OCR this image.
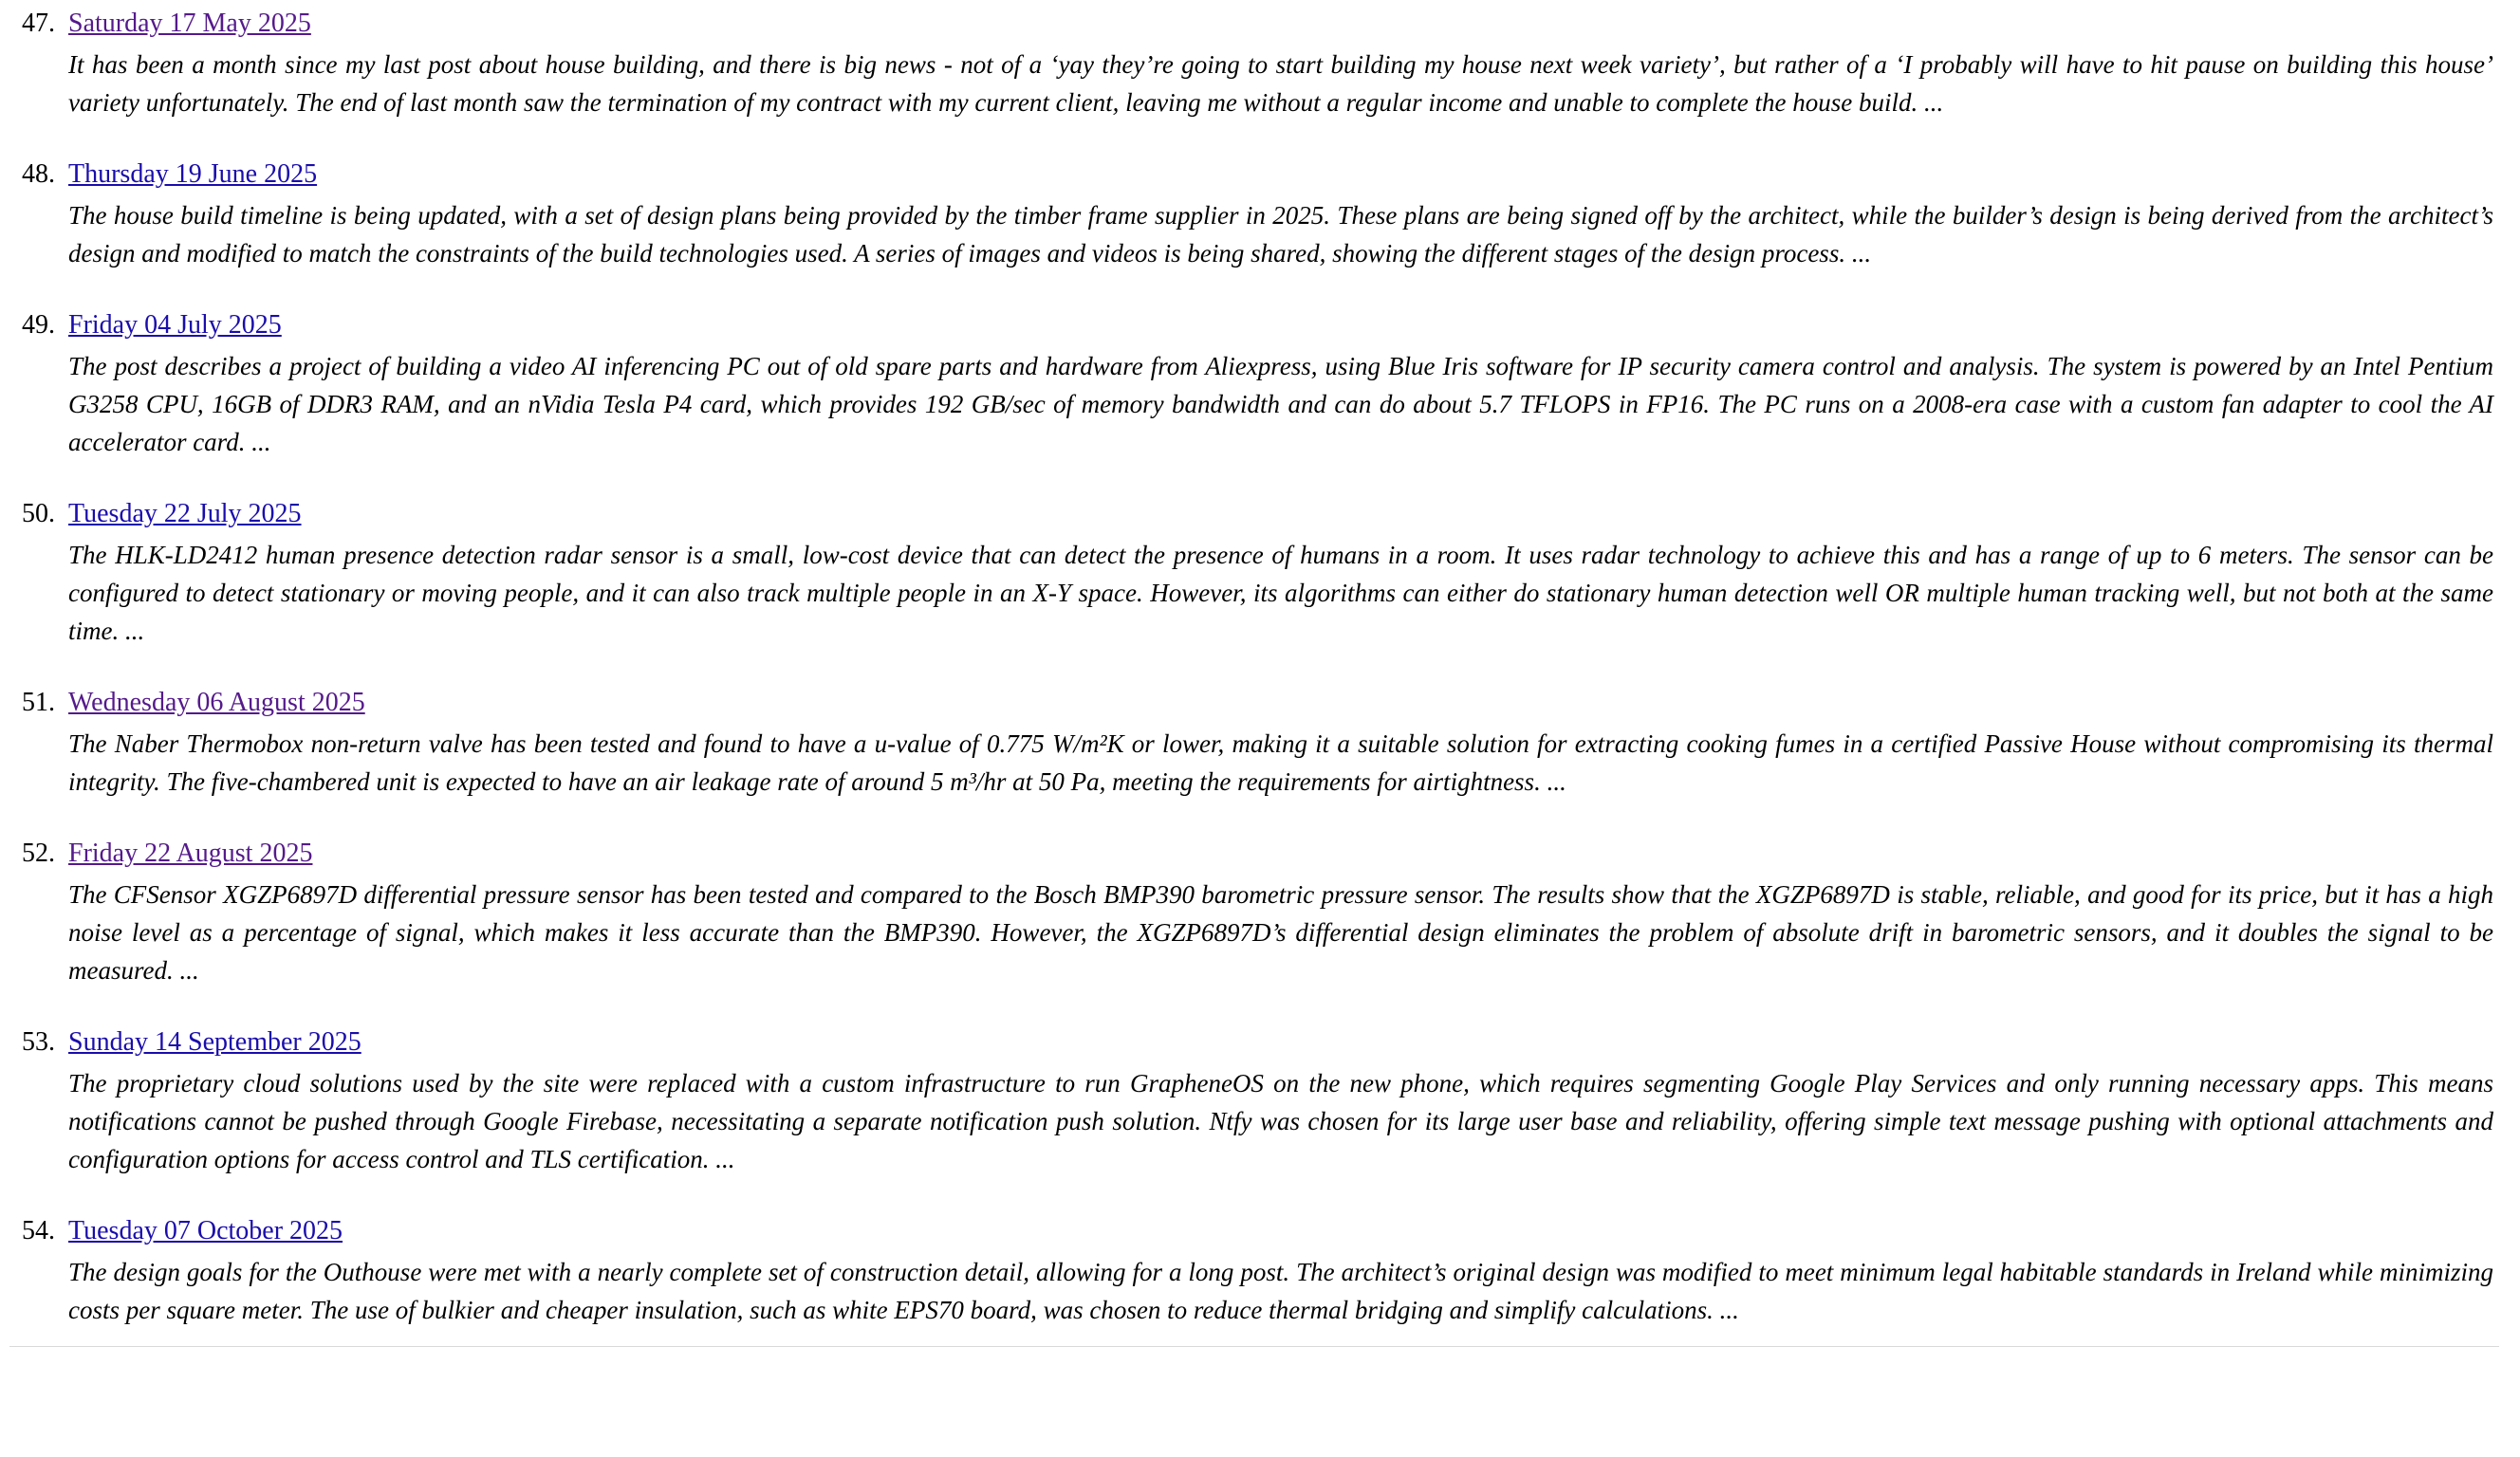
47. Saturday 17 May 2025
It has been a month since my last post about house building, and there is big news - not of a ‘yay they’re going to start building my house next week variety’, but rather of a ‘I probably will have to hit pause on building this house’ variety unfortunately. The end of last month saw the termination of my contract with my current client, leaving me without a regular income and unable to complete the house build. ...
48. Thursday 19 June 2025
The house build timeline is being updated, with a set of design plans being provided by the timber frame supplier in 2025. These plans are being signed off by the architect, while the builder’s design is being derived from the architect’s design and modified to match the constraints of the build technologies used. A series of images and videos is being shared, showing the different stages of the design process. ...
49. Friday 04 July 2025
The post describes a project of building a video AI inferencing PC out of old spare parts and hardware from Aliexpress, using Blue Iris software for IP security camera control and analysis. The system is powered by an Intel Pentium G3258 CPU, 16GB of DDR3 RAM, and an nVidia Tesla P4 card, which provides 192 GB/sec of memory bandwidth and can do about 5.7 TFLOPS in FP16. The PC runs on a 2008-era case with a custom fan adapter to cool the AI accelerator card. ...
50. Tuesday 22 July 2025
The HLK-LD2412 human presence detection radar sensor is a small, low-cost device that can detect the presence of humans in a room. It uses radar technology to achieve this and has a range of up to 6 meters. The sensor can be configured to detect stationary or moving people, and it can also track multiple people in an X-Y space. However, its algorithms can either do stationary human detection well OR multiple human tracking well, but not both at the same time. ...
51. Wednesday 06 August 2025
The Naber Thermobox non-return valve has been tested and found to have a u-value of 0.775 W/m²K or lower, making it a suitable solution for extracting cooking fumes in a certified Passive House without compromising its thermal integrity. The five-chambered unit is expected to have an air leakage rate of around 5 m³/hr at 50 Pa, meeting the requirements for airtightness. ...
52. Friday 22 August 2025
The CFSensor XGZP6897D differential pressure sensor has been tested and compared to the Bosch BMP390 barometric pressure sensor. The results show that the XGZP6897D is stable, reliable, and good for its price, but it has a high noise level as a percentage of signal, which makes it less accurate than the BMP390. However, the XGZP6897D’s differential design eliminates the problem of absolute drift in barometric sensors, and it doubles the signal to be measured. ...
53. Sunday 14 September 2025
The proprietary cloud solutions used by the site were replaced with a custom infrastructure to run GrapheneOS on the new phone, which requires segmenting Google Play Services and only running necessary apps. This means notifications cannot be pushed through Google Firebase, necessitating a separate notification push solution. Ntfy was chosen for its large user base and reliability, offering simple text message pushing with optional attachments and configuration options for access control and TLS certification. ...
54. Tuesday 07 October 2025
The design goals for the Outhouse were met with a nearly complete set of construction detail, allowing for a long post. The architect’s original design was modified to meet minimum legal habitable standards in Ireland while minimizing costs per square meter. The use of bulkier and cheaper insulation, such as white EPS70 board, was chosen to reduce thermal bridging and simplify calculations. ...
